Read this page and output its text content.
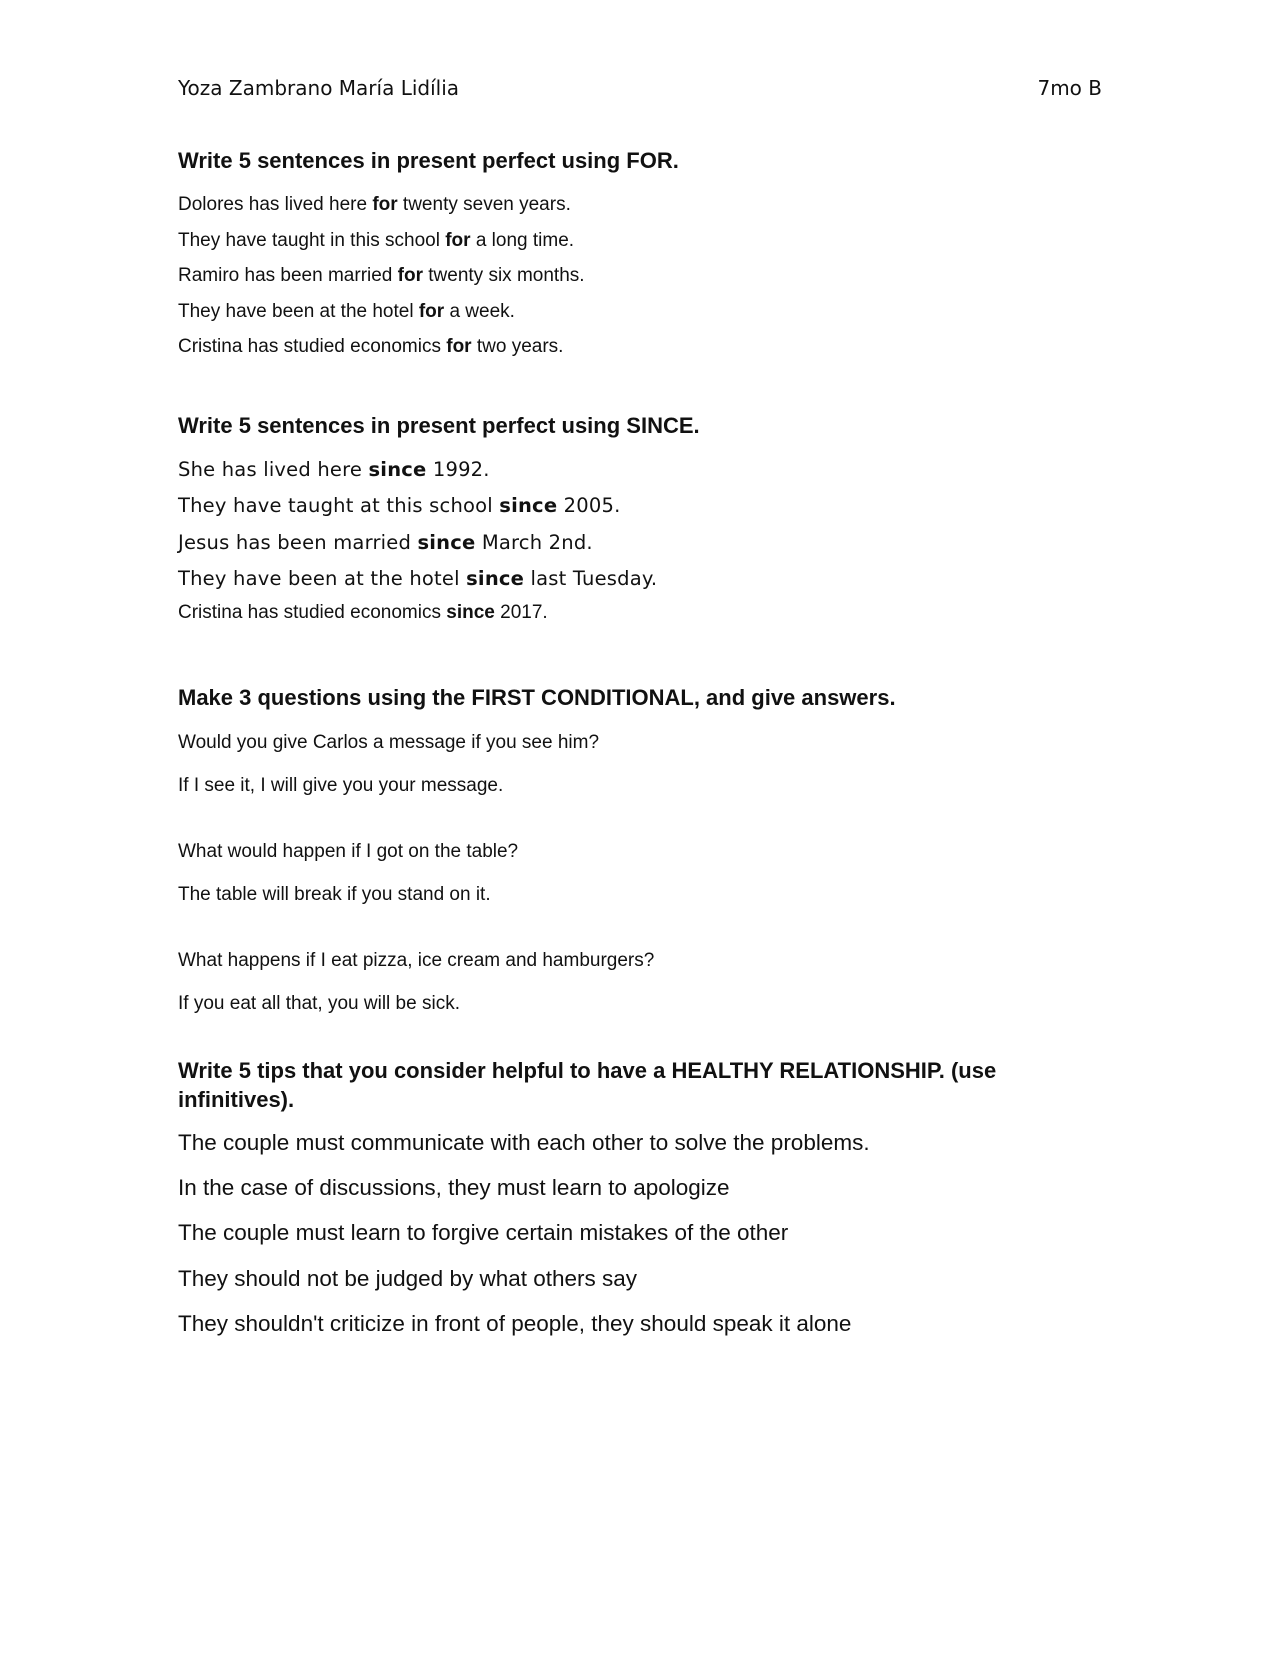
Yoza Zambrano María Lidília	7mo B

Write 5 sentences in present perfect using FOR.

Dolores has lived here for twenty seven years.

They have taught in this school for a long time.

Ramiro has been married for twenty six months.

They have been at the hotel for a week.

Cristina has studied economics for two years.

Write 5 sentences in present perfect using SINCE.

She has lived here since 1992.

They have taught at this school since 2005.

Jesus has been married since March 2nd.

They have been at the hotel since last Tuesday.

Cristina has studied economics since 2017.

Make 3 questions using the FIRST CONDITIONAL, and give answers.

Would you give Carlos a message if you see him?

If I see it, I will give you your message.

What would happen if I got on the table?

The table will break if you stand on it.

What happens if I eat pizza, ice cream and hamburgers?

If you eat all that, you will be sick.

Write 5 tips that you consider helpful to have a HEALTHY RELATIONSHIP. (use
infinitives).

The couple must communicate with each other to solve the problems.

In the case of discussions, they must learn to apologize

The couple must learn to forgive certain mistakes of the other

They should not be judged by what others say

They shouldn't criticize in front of people, they should speak it alone
